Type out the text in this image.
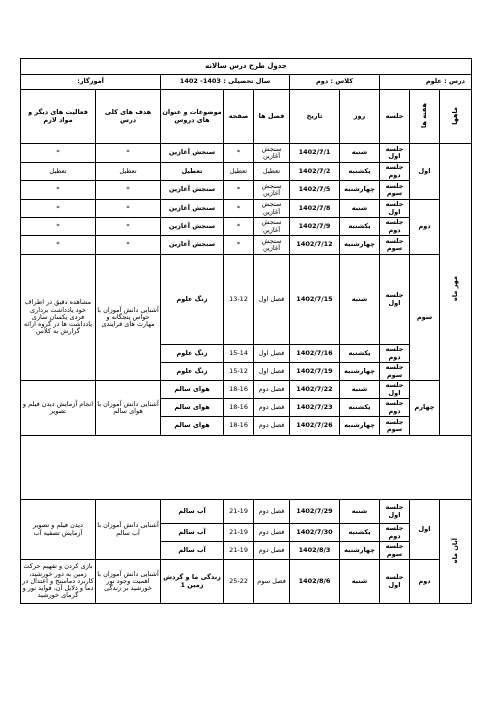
جدول طرح درس سالانه									
درس : علوم			کلاس : دوم		سال تحصیلی : 1403- 1402			آموزگار:	
ماهها	هفته ها	جلسه	روز	تاریخ	فصل ها	صفحه	موضوعات و عنوان های دروس	هدف های کلی درس	فعالیت های دیگر و مواد لازم
مهر ماه	اول	جلسه اول	شنبه	1402/7/1	سنجش آغازین	*	سنجش آغازین	*	*
		جلسه دوم	یکشنبه	1402/7/2	تعطیل	تعطیل	تعطیل	تعطیل	تعطیل
		جلسه سوم	چهارشنبه	1402/7/5	سنجش آغازین	*	سنجش آغازین	*	*
	دوم	جلسه اول	شنبه	1402/7/8	سنجش آغازین	*	سنجش آغازین	*	*
		جلسه دوم	یکشنبه	1402/7/9	سنجش آغازین	*	سنجش آغازین	*	*
		جلسه سوم	چهارشنبه	1402/7/12	سنجش آغازین	*	سنجش آغازین	*	*
	سوم	جلسه اول	شنبه	1402/7/15	فصل اول	13-12	زنگ علوم	آشنایی دانش آموزان با حواس پنجگانه و مهارت های فرایندی	مشاهده دقیق در اطراف خود یادداشت برداری فردی یکسان سازی یادداشت ها در گروه ارائه گزارش به کلاس
		جلسه دوم	یکشنبه	1402/7/16	فصل اول	15-14	زنگ علوم		
		جلسه سوم	چهارشنبه	1402/7/19	فصل اول	15-12	زنگ علوم		
	چهارم	جلسه اول	شنبه	1402/7/22	فصل دوم	18-16	هوای سالم	آشنایی دانش آموزان با هوای سالم	انجام آزمایش دیدن فیلم و تصویر
		جلسه دوم	یکشنبه	1402/7/23	فصل دوم	18-16	هوای سالم		
		جلسه سوم	چهارشنبه	1402/7/26	فصل دوم	18-16	هوای سالم		

آبان ماه	اول	جلسه اول	شنبه	1402/7/29	فصل دوم	21-19	آب سالم	آشنایی دانش آموزان با آب سالم	دیدن فیلم و تصویر آزمایش تصفیه آب
		جلسه دوم	یکشنبه	1402/7/30	فصل دوم	21-19	آب سالم		
		جلسه سوم	چهارشنبه	1402/8/3	فصل دوم	21-19	آب سالم		
	دوم	جلسه اول	شنبه	1402/8/6	فصل سوم	25-22	زندگی ما و گردش زمین 1	آشنایی دانش آموزان با اهمیت وجود نور خورشید بر زندگی	بازی کردن و تفهیم حرکت زمین به دور خورشید، کاربرد دماسنج و اعتدال در دما و دلایل آن، فواید نور و گرمای خورشید
